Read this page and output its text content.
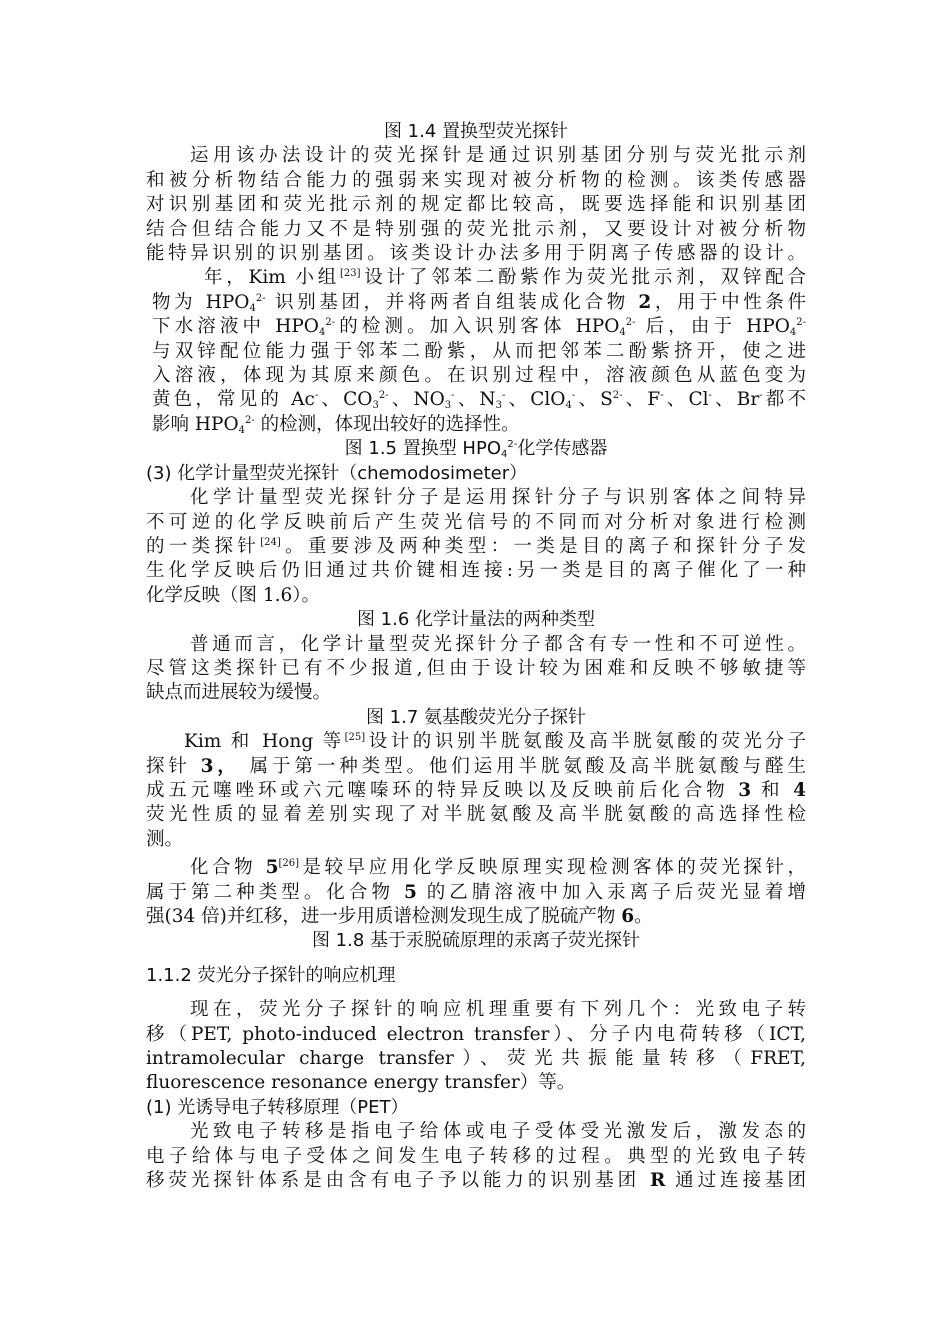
图 1.4 置换型荧光探针
运用该办法设计的荧光探针是通过识别基团分别与荧光批示剂
和被分析物结合能力的强弱来实现对被分析物的检测。该类传感器
对识别基团和荧光批示剂的规定都比较高，既要选择能和识别基团
结合但结合能力又不是特别强的荧光批示剂，又要设计对被分析物
能特异识别的识别基团。该类设计办法多用于阴离子传感器的设计。
年，Kim 小组[23]设计了邻苯二酚紫作为荧光批示剂，双锌配合
物为 $HPO_4^{2-}$ 识别基团，并将两者自组装成化合物 2，用于中性条件
下水溶液中 $HPO_4^{2-}$的检测。加入识别客体 $HPO_4^{2-}$ 后，由于 $HPO_4^{2-}$
与双锌配位能力强于邻苯二酚紫，从而把邻苯二酚紫挤开，使之进
入溶液，体现为其原来颜色。在识别过程中，溶液颜色从蓝色变为
黄色，常见的 Ac-、$CO_3^{2-}$、$NO_3^-$、$N_3^-$、ClO$_4$-、$S^{2-}$、F-、Cl-、Br-都不
影响 $HPO_4^{2-}$ 的检测，体现出较好的选择性。
图 1.5 置换型 $HPO_4^{2-}$化学传感器
(3) 化学计量型荧光探针（chemodosimeter）
化学计量型荧光探针分子是运用探针分子与识别客体之间特异
不可逆的化学反映前后产生荧光信号的不同而对分析对象进行检测
的一类探针[24]。重要涉及两种类型：一类是目的离子和探针分子发
生化学反映后仍旧通过共价键相连接:另一类是目的离子催化了一种
化学反映（图 1.6）。
图 1.6 化学计量法的两种类型
普通而言，化学计量型荧光探针分子都含有专一性和不可逆性。
尽管这类探针已有不少报道,但由于设计较为困难和反映不够敏捷等
缺点而进展较为缓慢。
图 1.7 氨基酸荧光分子探针
Kim 和 Hong 等[25]设计的识别半胱氨酸及高半胱氨酸的荧光分子
探针 3， 属于第一种类型。他们运用半胱氨酸及高半胱氨酸与醛生
成五元噻唑环或六元噻嗪环的特异反映以及反映前后化合物 3 和 4
荧光性质的显着差别实现了对半胱氨酸及高半胱氨酸的高选择性检
测。
化合物 5[26]是较早应用化学反映原理实现检测客体的荧光探针，
属于第二种类型。化合物 5 的乙腈溶液中加入汞离子后荧光显着增
强(34 倍)并红移，进一步用质谱检测发现生成了脱硫产物 6。
图 1.8 基于汞脱硫原理的汞离子荧光探针
1.1.2 荧光分子探针的响应机理
现在，荧光分子探针的响应机理重要有下列几个：光致电子转
移（PET, photo-induced electron transfer）、分子内电荷转移（ICT,
intramolecular charge transfer）、荧光共振能量转移（FRET,
fluorescence resonance energy transfer）等。
(1) 光诱导电子转移原理（PET）
光致电子转移是指电子给体或电子受体受光激发后，激发态的
电子给体与电子受体之间发生电子转移的过程。典型的光致电子转
移荧光探针体系是由含有电子予以能力的识别基团 R 通过连接基团
